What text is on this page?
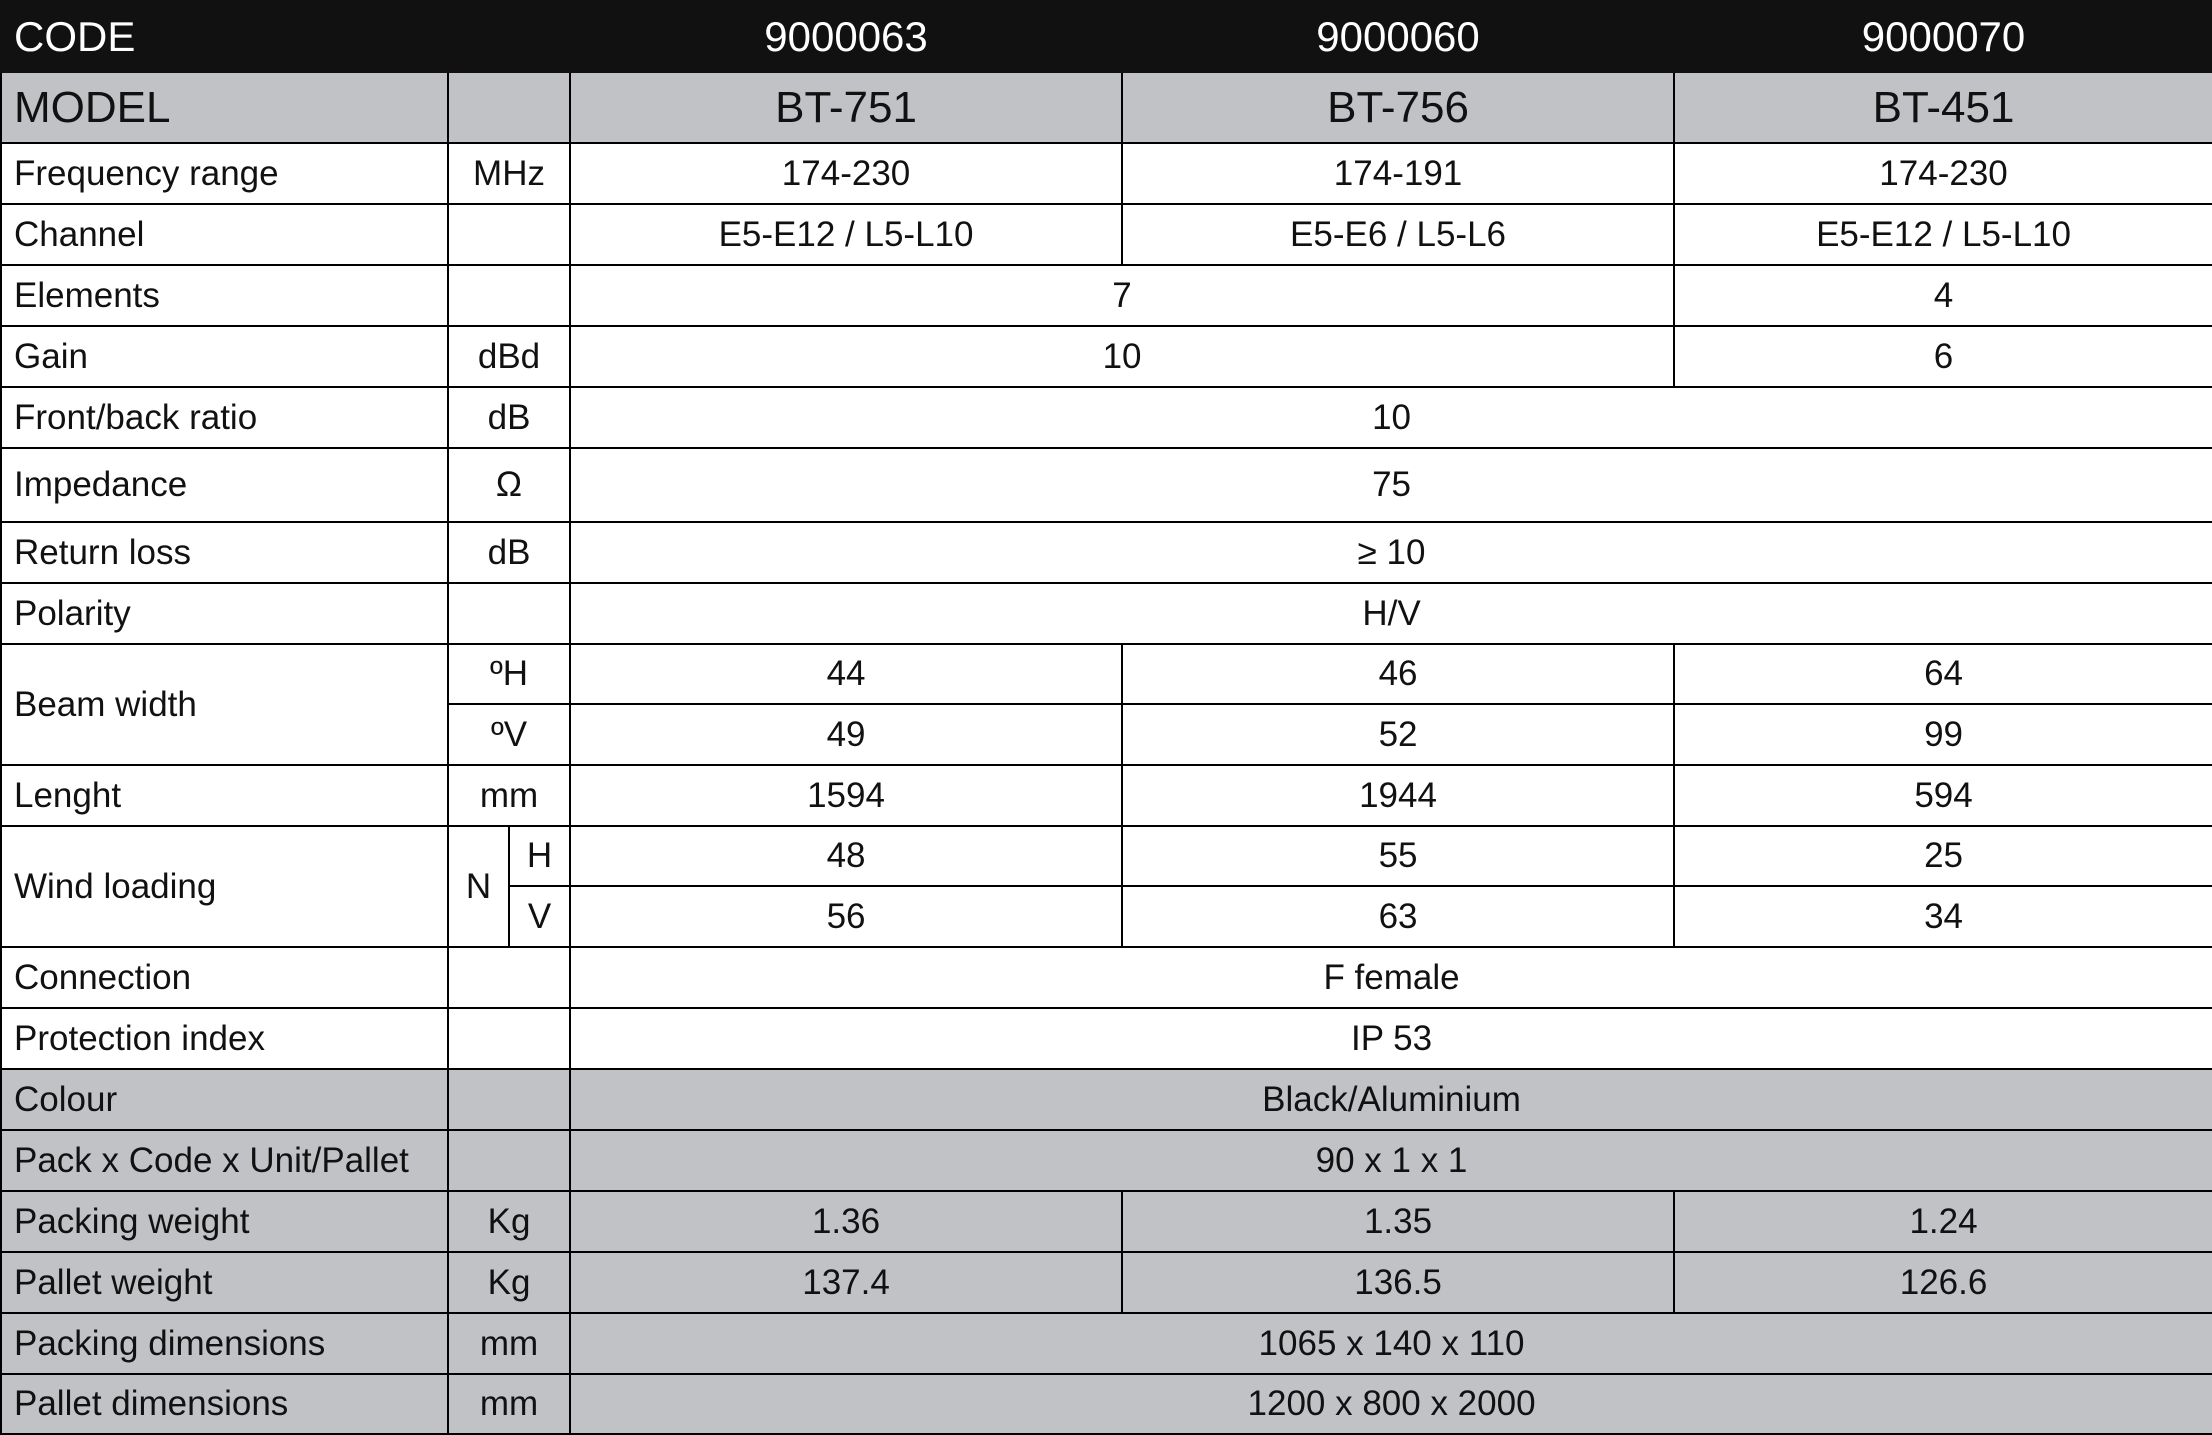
CODE			9000063	9000060	9000070
MODEL			BT-751	BT-756	BT-451
Frequency range	MHz		174-230	174-191	174-230
Channel			E5-E12 / L5-L10	E5-E6 / L5-L6	E5-E12 / L5-L10
Elements			7		4
Gain	dBd		10		6
Front/back ratio	dB		10		
Impedance	Ω		75		
Return loss	dB		≥ 10		
Polarity			H/V		
Beam width	ºH		44	46	64
	ºV		49	52	99
Lenght	mm		1594	1944	594
Wind loading	N	H	48	55	25
		V	56	63	34
Connection			F female		
Protection index			IP 53		
Colour			Black/Aluminium		
Pack x Code x Unit/Pallet			90 x 1 x 1		
Packing weight	Kg		1.36	1.35	1.24
Pallet weight	Kg		137.4	136.5	126.6
Packing dimensions	mm		1065 x 140 x 110		
Pallet dimensions	mm		1200 x 800 x 2000		
